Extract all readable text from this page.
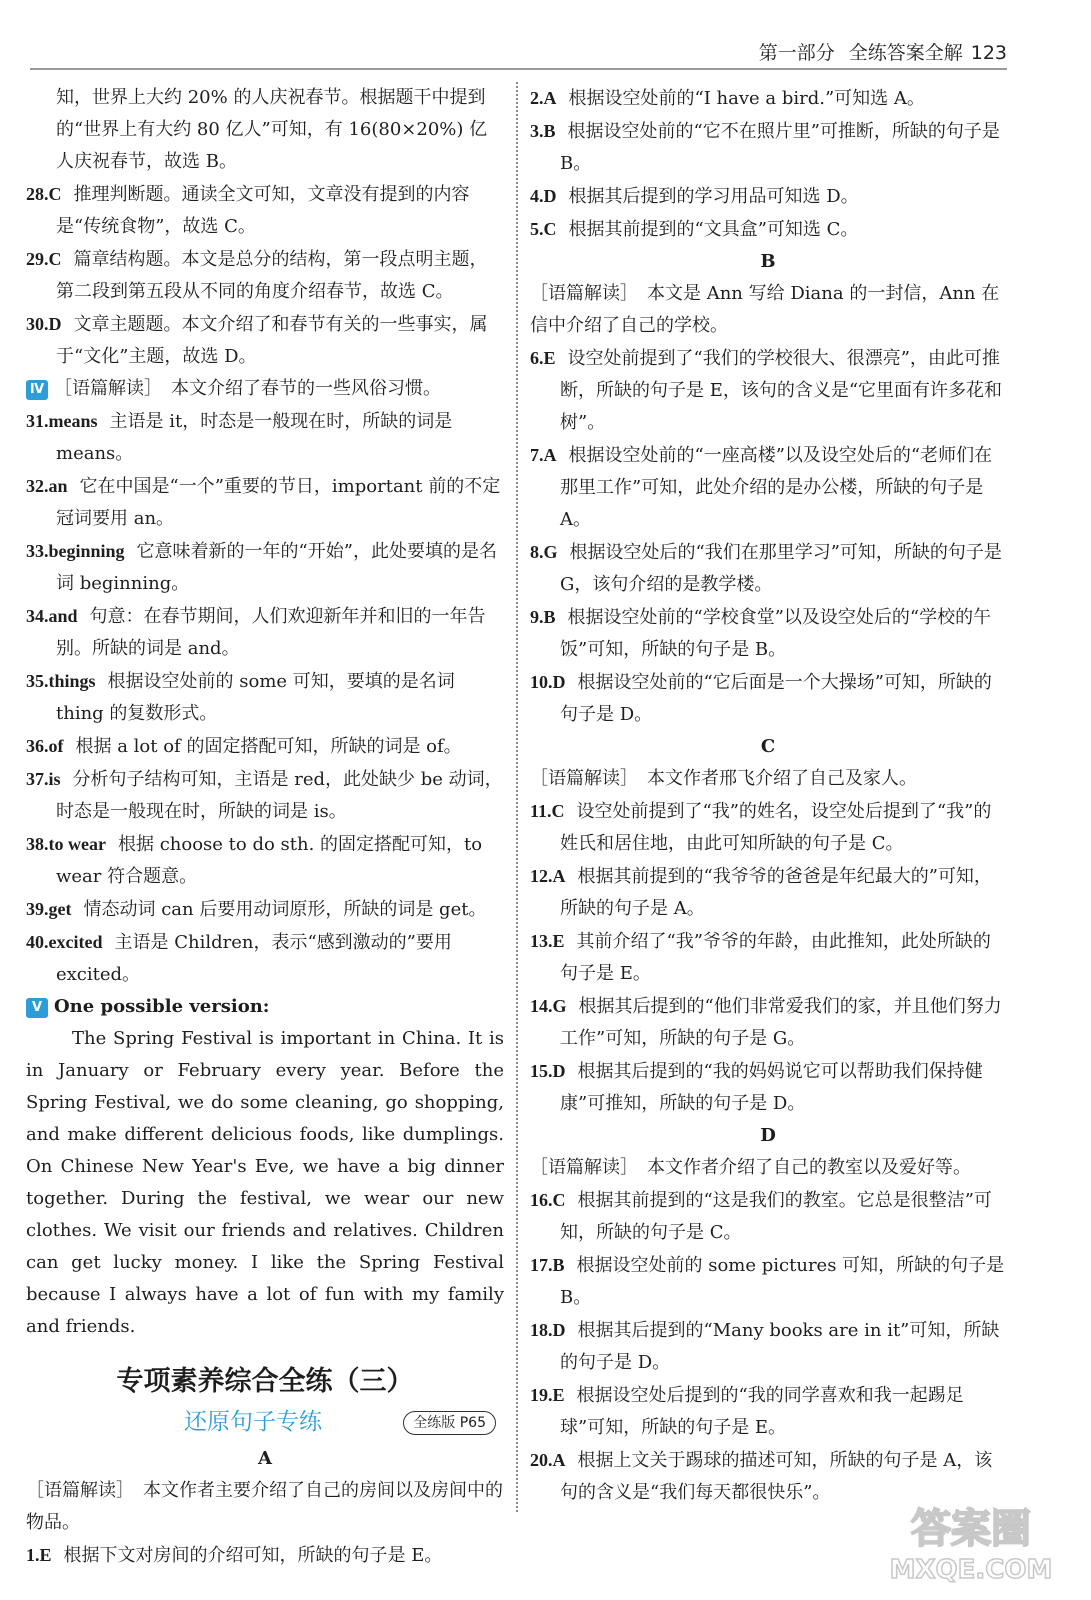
第一部分 全练答案全解 123

知，世界上大约 20% 的人庆祝春节。根据题干中提到的“世界上有大约 80 亿人”可知，有 16(80×20%) 亿人庆祝春节，故选 B。

28.C 推理判断题。通读全文可知，文章没有提到的内容是“传统食物”，故选 C。

29.C 篇章结构题。本文是总分的结构，第一段点明主题，第二段到第五段从不同的角度介绍春节，故选 C。

30.D 文章主题题。本文介绍了和春节有关的一些事实，属于“文化”主题，故选 D。

Ⅳ ［语篇解读］　本文介绍了春节的一些风俗习惯。

31.means 主语是 it，时态是一般现在时，所缺的词是 means。

32.an 它在中国是“一个”重要的节日，important 前的不定冠词要用 an。

33.beginning 它意味着新的一年的“开始”，此处要填的是名词 beginning。

34.and 句意：在春节期间，人们欢迎新年并和旧的一年告别。所缺的词是 and。

35.things 根据设空处前的 some 可知，要填的是名词 thing 的复数形式。

36.of 根据 a lot of 的固定搭配可知，所缺的词是 of。

37.is 分析句子结构可知，主语是 red，此处缺少 be 动词，时态是一般现在时，所缺的词是 is。

38.to wear 根据 choose to do sth. 的固定搭配可知，to wear 符合题意。

39.get 情态动词 can 后要用动词原形，所缺的词是 get。

40.excited 主语是 Children，表示“感到激动的”要用 excited。

Ⅴ One possible version:

The Spring Festival is important in China. It is in January or February every year. Before the Spring Festival, we do some cleaning, go shopping, and make different delicious foods, like dumplings. On Chinese New Year's Eve, we have a big dinner together. During the festival, we wear our new clothes. We visit our friends and relatives. Children can get lucky money. I like the Spring Festival because I always have a lot of fun with my family and friends.

专项素养综合全练（三）
还原句子专练	全练版 P65

A

［语篇解读］　本文作者主要介绍了自己的房间以及房间中的物品。

1.E 根据下文对房间的介绍可知，所缺的句子是 E。

2.A 根据设空处前的“I have a bird.”可知选 A。

3.B 根据设空处前的“它不在照片里”可推断，所缺的句子是 B。

4.D 根据其后提到的学习用品可知选 D。

5.C 根据其前提到的“文具盒”可知选 C。

B

［语篇解读］　本文是 Ann 写给 Diana 的一封信，Ann 在信中介绍了自己的学校。

6.E 设空处前提到了“我们的学校很大、很漂亮”，由此可推断，所缺的句子是 E，该句的含义是“它里面有许多花和树”。

7.A 根据设空处前的“一座高楼”以及设空处后的“老师们在那里工作”可知，此处介绍的是办公楼，所缺的句子是 A。

8.G 根据设空处后的“我们在那里学习”可知，所缺的句子是 G，该句介绍的是教学楼。

9.B 根据设空处前的“学校食堂”以及设空处后的“学校的午饭”可知，所缺的句子是 B。

10.D 根据设空处前的“它后面是一个大操场”可知，所缺的句子是 D。

C

［语篇解读］　本文作者邢飞介绍了自己及家人。

11.C 设空处前提到了“我”的姓名，设空处后提到了“我”的姓氏和居住地，由此可知所缺的句子是 C。

12.A 根据其前提到的“我爷爷的爸爸是年纪最大的”可知，所缺的句子是 A。

13.E 其前介绍了“我”爷爷的年龄，由此推知，此处所缺的句子是 E。

14.G 根据其后提到的“他们非常爱我们的家，并且他们努力工作”可知，所缺的句子是 G。

15.D 根据其后提到的“我的妈妈说它可以帮助我们保持健康”可推知，所缺的句子是 D。

D

［语篇解读］　本文作者介绍了自己的教室以及爱好等。

16.C 根据其前提到的“这是我们的教室。它总是很整洁”可知，所缺的句子是 C。

17.B 根据设空处前的 some pictures 可知，所缺的句子是 B。

18.D 根据其后提到的“Many books are in it”可知，所缺的句子是 D。

19.E 根据设空处后提到的“我的同学喜欢和我一起踢足球”可知，所缺的句子是 E。

20.A 根据上文关于踢球的描述可知，所缺的句子是 A，该句的含义是“我们每天都很快乐”。

答案圈
MXQE.COM
